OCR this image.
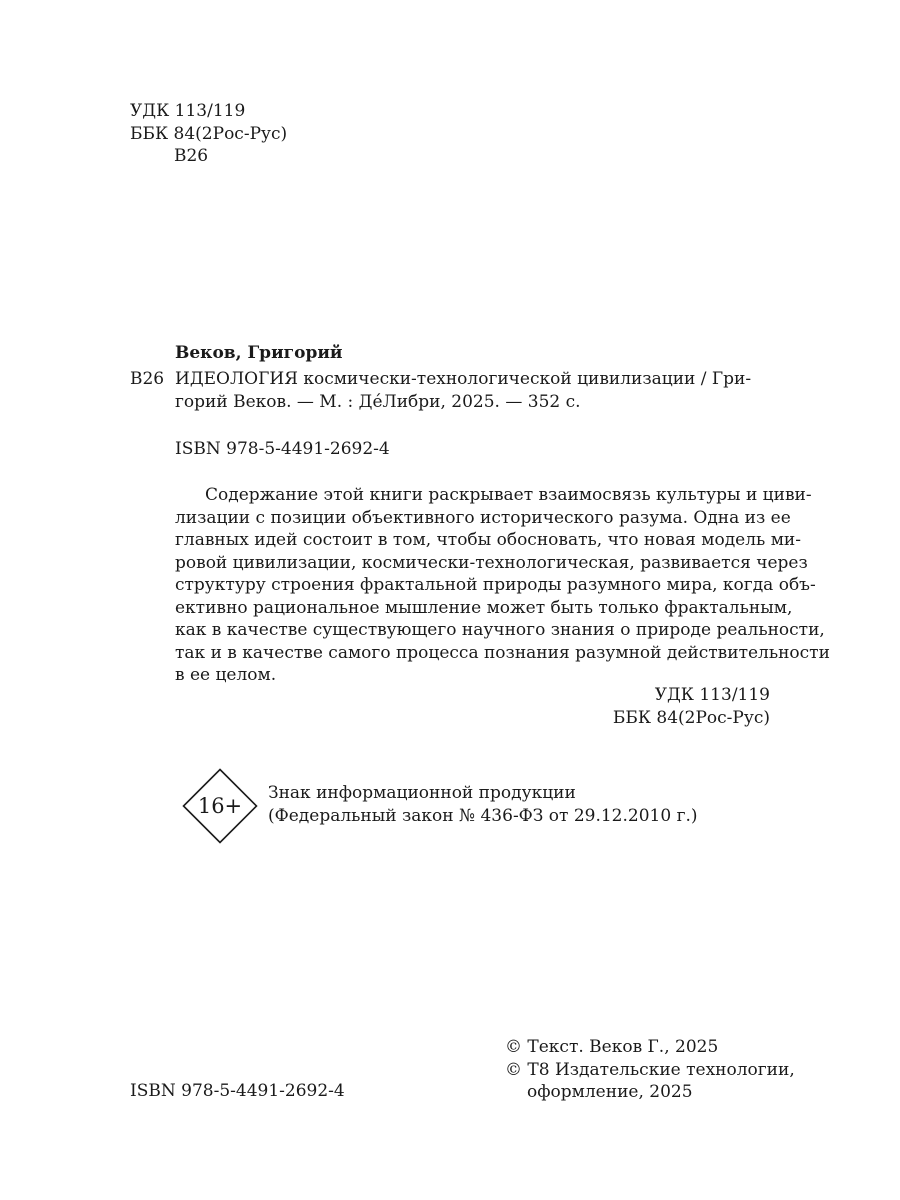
УДК 113/119
ББК 84(2Рос-Рус)
В26
Веков, Григорий
В26 ИДЕОЛОГИЯ космически-технологической цивилизации / Гри-
горий Веков. — М. : ДéЛибри, 2025. — 352 с.
ISBN 978-5-4491-2692-4
Содержание этой книги раскрывает взаимосвязь культуры и циви-
лизации с позиции объективного исторического разума. Одна из ее
главных идей состоит в том, чтобы обосновать, что новая модель ми-
ровой цивилизации, космически-технологическая, развивается через
структуру строения фрактальной природы разумного мира, когда объ-
ективно рациональное мышление может быть только фрактальным,
как в качестве существующего научного знания о природе реальности,
так и в качестве самого процесса познания разумной действительности
в ее целом.
УДК 113/119
ББК 84(2Рос-Рус)
16+
Знак информационной продукции
(Федеральный закон № 436-ФЗ от 29.12.2010 г.)
© Текст. Веков Г., 2025
© Т8 Издательские технологии,
оформление, 2025
ISBN 978-5-4491-2692-4
